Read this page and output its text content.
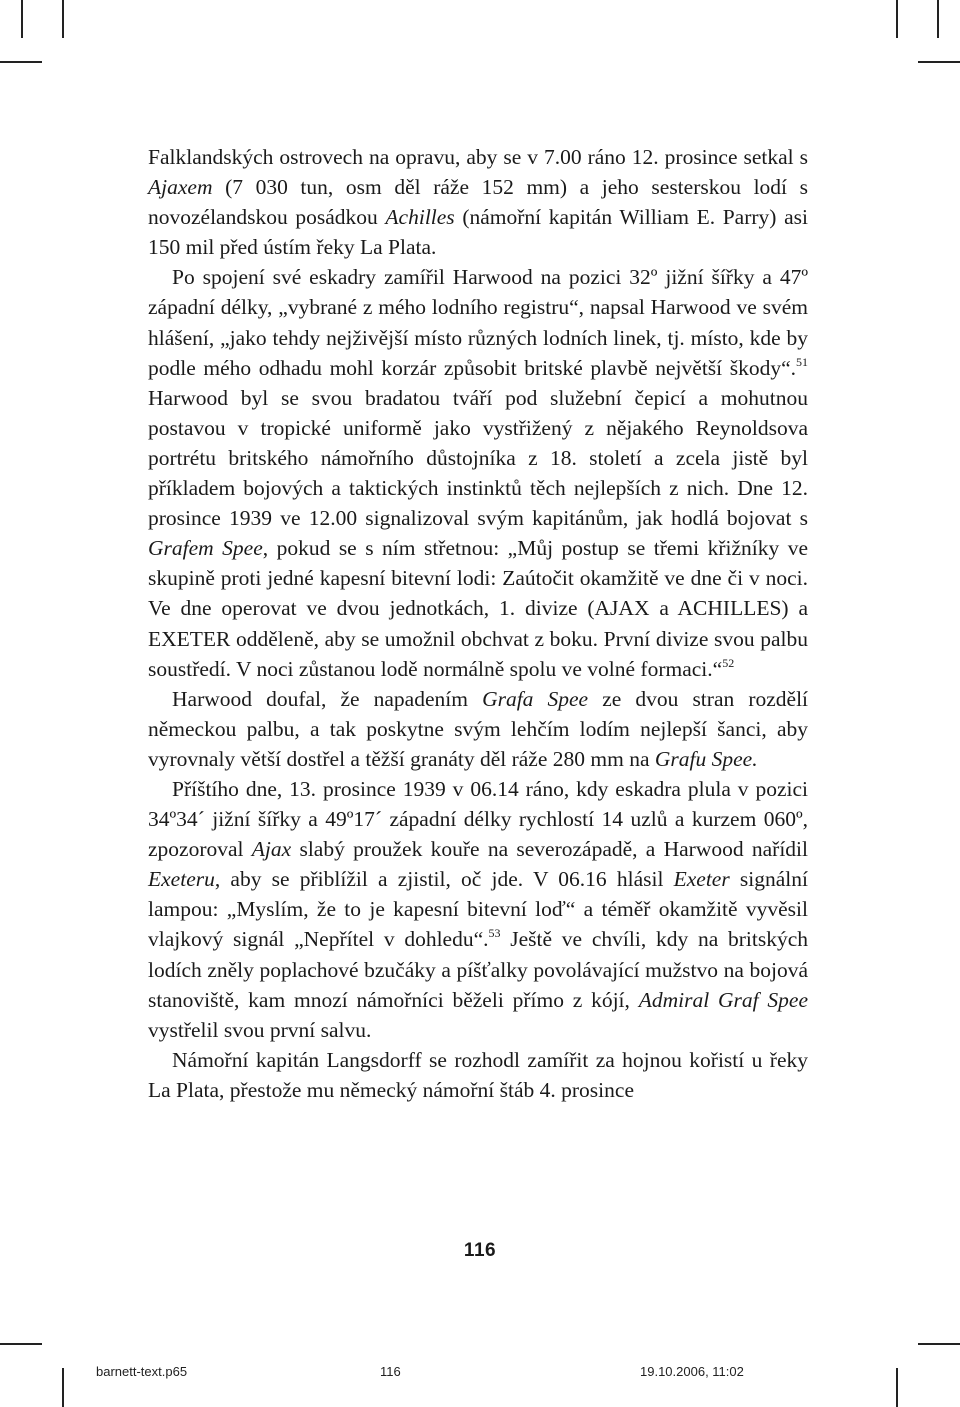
Falklandských ostrovech na opravu, aby se v 7.00 ráno 12. prosince setkal s Ajaxem (7 030 tun, osm děl ráže 152 mm) a jeho sesterskou lodí s novozélandskou posádkou Achilles (námořní kapitán William E. Parry) asi 150 mil před ústím řeky La Plata.

Po spojení své eskadry zamířil Harwood na pozici 32º jižní šířky a 47º západní délky, „vybrané z mého lodního registru“, napsal Harwood ve svém hlášení, „jako tehdy nejživější místo různých lodních linek, tj. místo, kde by podle mého odhadu mohl korzár způsobit britské plavbě největší škody“.$^{51}$ Harwood byl se svou bradatou tváří pod služební čepicí a mohutnou postavou v tropické uniformě jako vystřižený z nějakého Reynoldsova portrétu britského námořního důstojníka z 18. století a zcela jistě byl příkladem bojových a taktických instinktů těch nejlepších z nich. Dne 12. prosince 1939 ve 12.00 signalizoval svým kapitánům, jak hodlá bojovat s Grafem Spee, pokud se s ním střetnou: „Můj postup se třemi křižníky ve skupině proti jedné kapesní bitevní lodi: Zaútočit okamžitě ve dne či v noci. Ve dne operovat ve dvou jednotkách, 1. divize (AJAX a ACHILLES) a EXETER odděleně, aby se umožnil obchvat z boku. První divize svou palbu soustředí. V noci zůstanou lodě normálně spolu ve volné formaci.“$^{52}$

Harwood doufal, že napadením Grafa Spee ze dvou stran rozdělí německou palbu, a tak poskytne svým lehčím lodím nejlepší šanci, aby vyrovnaly větší dostřel a těžší granáty děl ráže 280 mm na Grafu Spee.

Příštího dne, 13. prosince 1939 v 06.14 ráno, kdy eskadra plula v pozici 34º34´ jižní šířky a 49º17´ západní délky rychlostí 14 uzlů a kurzem 060º, zpozoroval Ajax slabý proužek kouře na severozápadě, a Harwood nařídil Exeteru, aby se přiblížil a zjistil, oč jde. V 06.16 hlásil Exeter signální lampou: „Myslím, že to je kapesní bitevní loď“ a téměř okamžitě vyvěsil vlajkový signál „Nepřítel v dohledu“.$^{53}$ Ještě ve chvíli, kdy na britských lodích zněly poplachové bzučáky a píšťalky povolávající mužstvo na bojová stanoviště, kam mnozí námořníci běželi přímo z kójí, Admiral Graf Spee vystřelil svou první salvu.

Námořní kapitán Langsdorff se rozhodl zamířit za hojnou kořistí u řeky La Plata, přestože mu německý námořní štáb 4. prosince

116
barnett-text.p65	116	19.10.2006, 11:02
